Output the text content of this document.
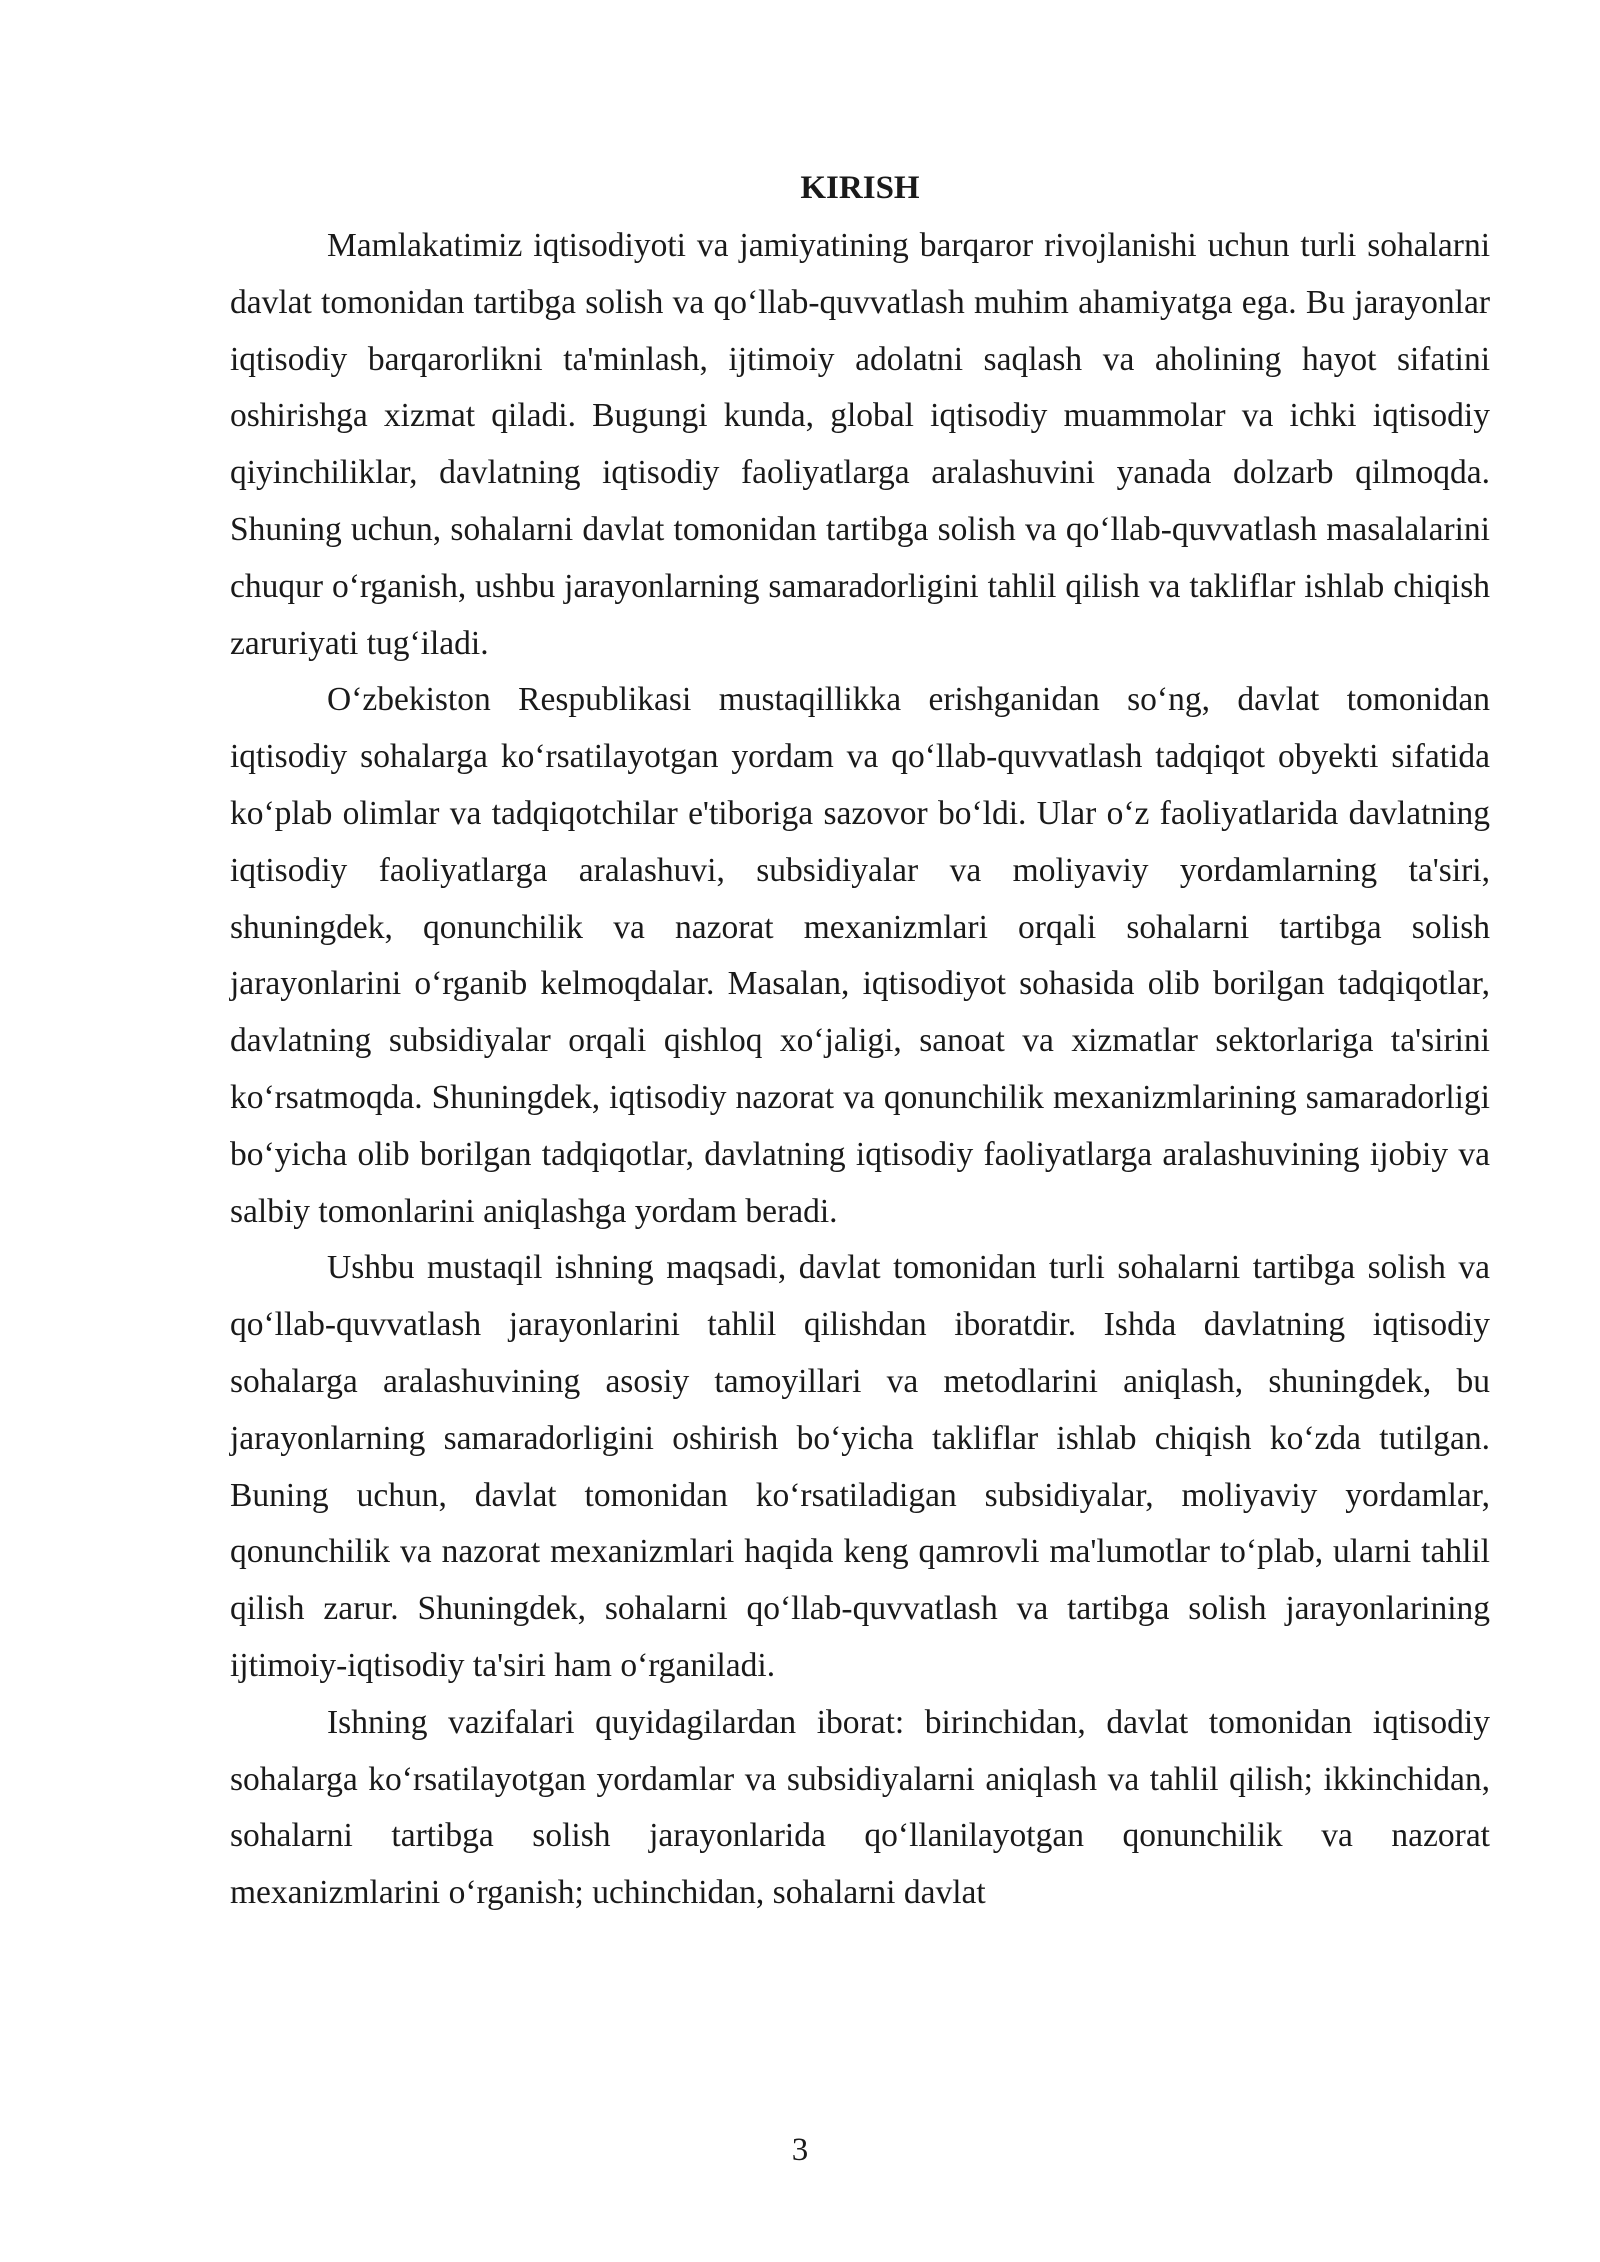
KIRISH

Mamlakatimiz iqtisodiyoti va jamiyatining barqaror rivojlanishi uchun turli sohalarni davlat tomonidan tartibga solish va qo‘llab-quvvatlash muhim ahamiyatga ega. Bu jarayonlar iqtisodiy barqarorlikni ta'minlash, ijtimoiy adolatni saqlash va aholining hayot sifatini oshirishga xizmat qiladi. Bugungi kunda, global iqtisodiy muammolar va ichki iqtisodiy qiyinchiliklar, davlatning iqtisodiy faoliyatlarga aralashuvini yanada dolzarb qilmoqda. Shuning uchun, sohalarni davlat tomonidan tartibga solish va qo‘llab-quvvatlash masalalarini chuqur o‘rganish, ushbu jarayonlarning samaradorligini tahlil qilish va takliflar ishlab chiqish zaruriyati tug‘iladi.

O‘zbekiston Respublikasi mustaqillikka erishganidan so‘ng, davlat tomonidan iqtisodiy sohalarga ko‘rsatilayotgan yordam va qo‘llab-quvvatlash tadqiqot obyekti sifatida ko‘plab olimlar va tadqiqotchilar e'tiboriga sazovor bo‘ldi. Ular o‘z faoliyatlarida davlatning iqtisodiy faoliyatlarga aralashuvi, subsidiyalar va moliyaviy yordamlarning ta'siri, shuningdek, qonunchilik va nazorat mexanizmlari orqali sohalarni tartibga solish jarayonlarini o‘rganib kelmoqdalar. Masalan, iqtisodiyot sohasida olib borilgan tadqiqotlar, davlatning subsidiyalar orqali qishloq xo‘jaligi, sanoat va xizmatlar sektorlariga ta'sirini ko‘rsatmoqda. Shuningdek, iqtisodiy nazorat va qonunchilik mexanizmlarining samaradorligi bo‘yicha olib borilgan tadqiqotlar, davlatning iqtisodiy faoliyatlarga aralashuvining ijobiy va salbiy tomonlarini aniqlashga yordam beradi.

Ushbu mustaqil ishning maqsadi, davlat tomonidan turli sohalarni tartibga solish va qo‘llab-quvvatlash jarayonlarini tahlil qilishdan iboratdir. Ishda davlatning iqtisodiy sohalarga aralashuvining asosiy tamoyillari va metodlarini aniqlash, shuningdek, bu jarayonlarning samaradorligini oshirish bo‘yicha takliflar ishlab chiqish ko‘zda tutilgan. Buning uchun, davlat tomonidan ko‘rsatiladigan subsidiyalar, moliyaviy yordamlar, qonunchilik va nazorat mexanizmlari haqida keng qamrovli ma'lumotlar to‘plab, ularni tahlil qilish zarur. Shuningdek, sohalarni qo‘llab-quvvatlash va tartibga solish jarayonlarining ijtimoiy-iqtisodiy ta'siri ham o‘rganiladi.

Ishning vazifalari quyidagilardan iborat: birinchidan, davlat tomonidan iqtisodiy sohalarga ko‘rsatilayotgan yordamlar va subsidiyalarni aniqlash va tahlil qilish; ikkinchidan, sohalarni tartibga solish jarayonlarida qo‘llanilayotgan qonunchilik va nazorat mexanizmlarini o‘rganish; uchinchidan, sohalarni davlat

3
